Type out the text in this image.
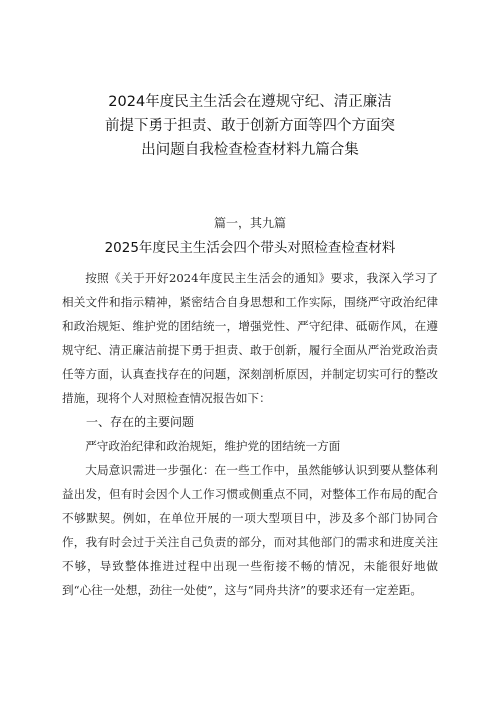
2024年度民主生活会在遵规守纪、清正廉洁
前提下勇于担责、敢于创新方面等四个方面突
出问题自我检查检查材料九篇合集
篇一，其九篇
2025年度民主生活会四个带头对照检查检查材料

按照《关于开好2024年度民主生活会的通知》要求，我深入学习了相关文件和指示精神，紧密结合自身思想和工作实际，围绕严守政治纪律和政治规矩、维护党的团结统一，增强党性、严守纪律、砥砺作风，在遵规守纪、清正廉洁前提下勇于担责、敢于创新，履行全面从严治党政治责任等方面，认真查找存在的问题，深刻剖析原因，并制定切实可行的整改措施，现将个人对照检查情况报告如下：

一、存在的主要问题

严守政治纪律和政治规矩，维护党的团结统一方面

大局意识需进一步强化：在一些工作中，虽然能够认识到要从整体利益出发，但有时会因个人工作习惯或侧重点不同，对整体工作布局的配合不够默契。例如，在单位开展的一项大型项目中，涉及多个部门协同合作，我有时会过于关注自己负责的部分，而对其他部门的需求和进度关注不够，导致整体推进过程中出现一些衔接不畅的情况，未能很好地做到“心往一处想，劲往一处使”，这与“同舟共济”的要求还有一定差距。
